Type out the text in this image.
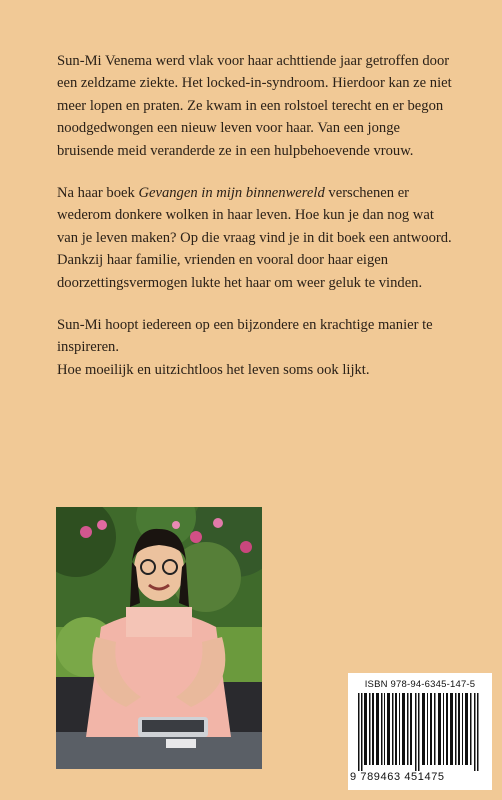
Sun-Mi Venema werd vlak voor haar achttiende jaar getroffen door een zeldzame ziekte. Het locked-in-syndroom. Hierdoor kan ze niet meer lopen en praten. Ze kwam in een rolstoel terecht en er begon noodgedwongen een nieuw leven voor haar. Van een jonge bruisende meid veranderde ze in een hulpbehoevende vrouw.

Na haar boek Gevangen in mijn binnenwereld verschenen er wederom donkere wolken in haar leven. Hoe kun je dan nog wat van je leven maken? Op die vraag vind je in dit boek een antwoord. Dankzij haar familie, vrienden en vooral door haar eigen doorzettingsvermogen lukte het haar om weer geluk te vinden.

Sun-Mi hoopt iedereen op een bijzondere en krachtige manier te inspireren.

Hoe moeilijk en uitzichtloos het leven soms ook lijkt.

ISBN 978-94-6345-147-5
9 789463 451475
